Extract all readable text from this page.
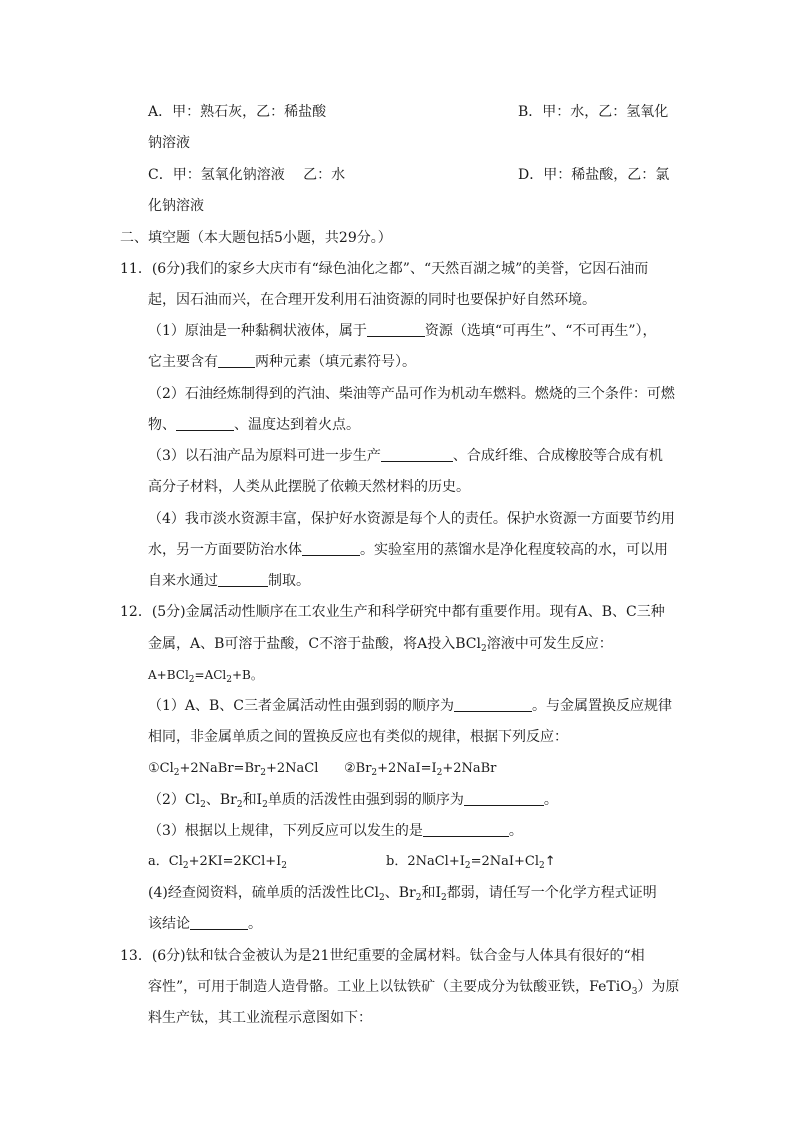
A．甲：熟石灰，乙：稀盐酸	B．甲：水，乙：氢氧化
钠溶液
C．甲：氢氧化钠溶液　 乙：水	D．甲：稀盐酸，乙：氯
化钠溶液
二、填空题（本大题包括5小题，共29分。）
11．(6分)我们的家乡大庆市有“绿色油化之都”、“天然百湖之城”的美誉，它因石油而
起，因石油而兴，在合理开发利用石油资源的同时也要保护好自然环境。
（1）原油是一种黏稠状液体，属于	资源（选填“可再生”、“不可再生”），
它主要含有	两种元素（填元素符号）。
（2）石油经炼制得到的汽油、柴油等产品可作为机动车燃料。燃烧的三个条件：可燃
物、	、温度达到着火点。
（3）以石油产品为原料可进一步生产	、合成纤维、合成橡胶等合成有机
高分子材料，人类从此摆脱了依赖天然材料的历史。
（4）我市淡水资源丰富，保护好水资源是每个人的责任。保护水资源一方面要节约用
水，另一方面要防治水体	。实验室用的蒸馏水是净化程度较高的水，可以用
自来水通过	制取。
12．(5分)金属活动性顺序在工农业生产和科学研究中都有重要作用。现有A、B、C三种
金属，A、B可溶于盐酸，C不溶于盐酸，将A投入BCl$_2$溶液中可发生反应：
A+BCl$_2$=ACl$_2$+B。
（1）A、B、C三者金属活动性由强到弱的顺序为	。与金属置换反应规律
相同，非金属单质之间的置换反应也有类似的规律，根据下列反应：
$①Cl_2+2NaBr=Br_2+2NaCl$ $②Br_2+2NaI=I_2+2NaBr$
$(2)Cl_2$、$Br_2$和$I_2$单质的活泼性由强到弱的顺序为	。
（3）根据以上规律，下列反应可以发生的是	。
a．$Cl_2+2KI=2KCl+I_2$	b．$2NaCl+I_2=2NaI+Cl_2↑$
(4)经查阅资料，硫单质的活泼性比$Cl_2$、$Br_2$和$I_2$都弱，请任写一个化学方程式证明
该结论	。
13．(6分)钛和钛合金被认为是21世纪重要的金属材料。钛合金与人体具有很好的“相
容性”，可用于制造人造骨骼。工业上以钛铁矿（主要成分为钛酸亚铁，FeTiO$_3$）为原
料生产钛，其工业流程示意图如下：
